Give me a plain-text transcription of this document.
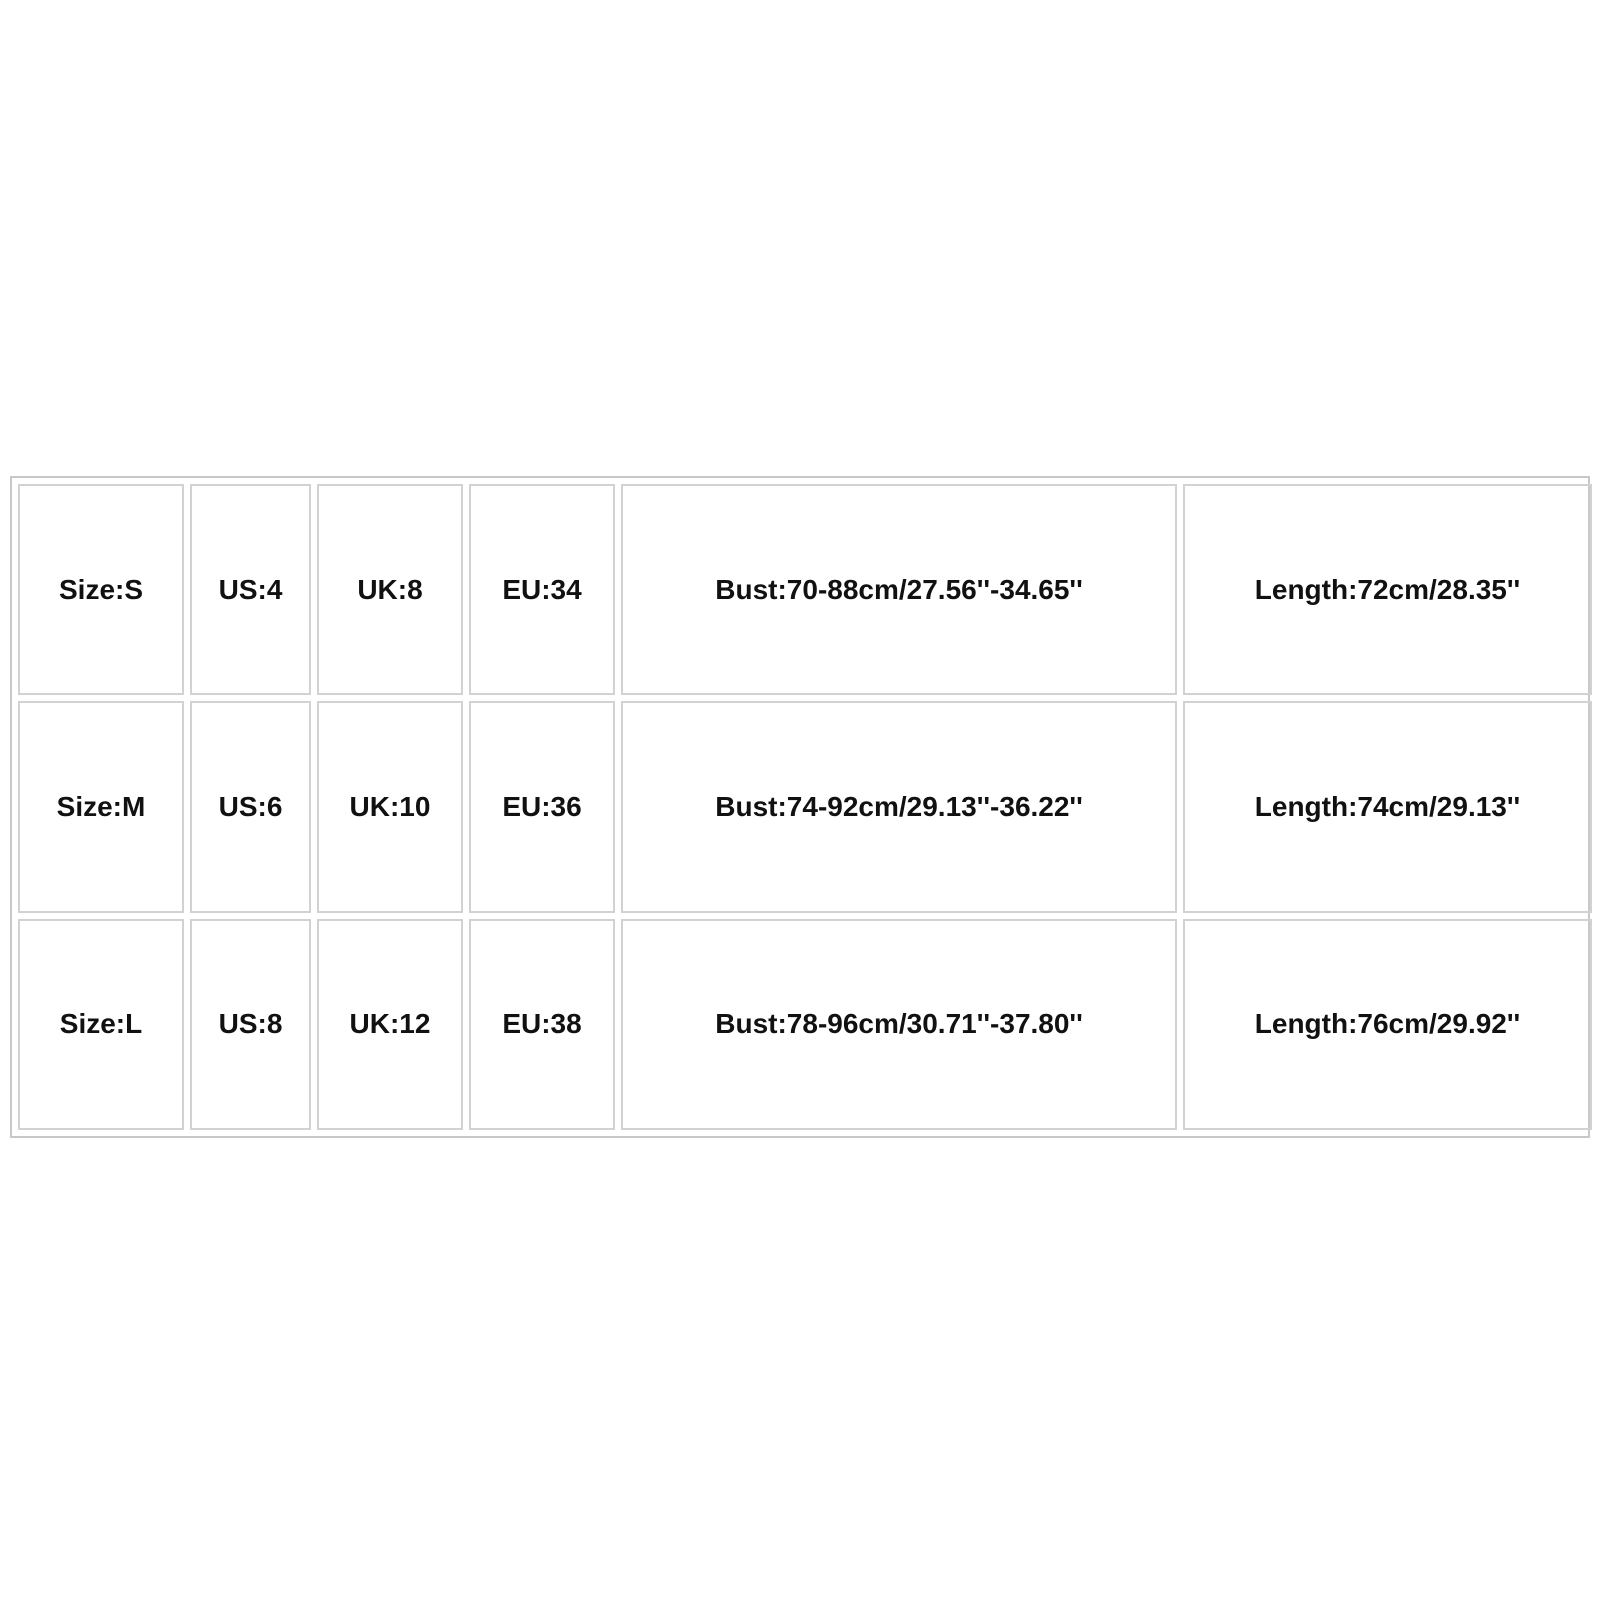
Size:S	US:4	UK:8	EU:34	Bust:70-88cm/27.56''-34.65''	Length:72cm/28.35''
Size:M	US:6	UK:10	EU:36	Bust:74-92cm/29.13''-36.22''	Length:74cm/29.13''
Size:L	US:8	UK:12	EU:38	Bust:78-96cm/30.71''-37.80''	Length:76cm/29.92''
